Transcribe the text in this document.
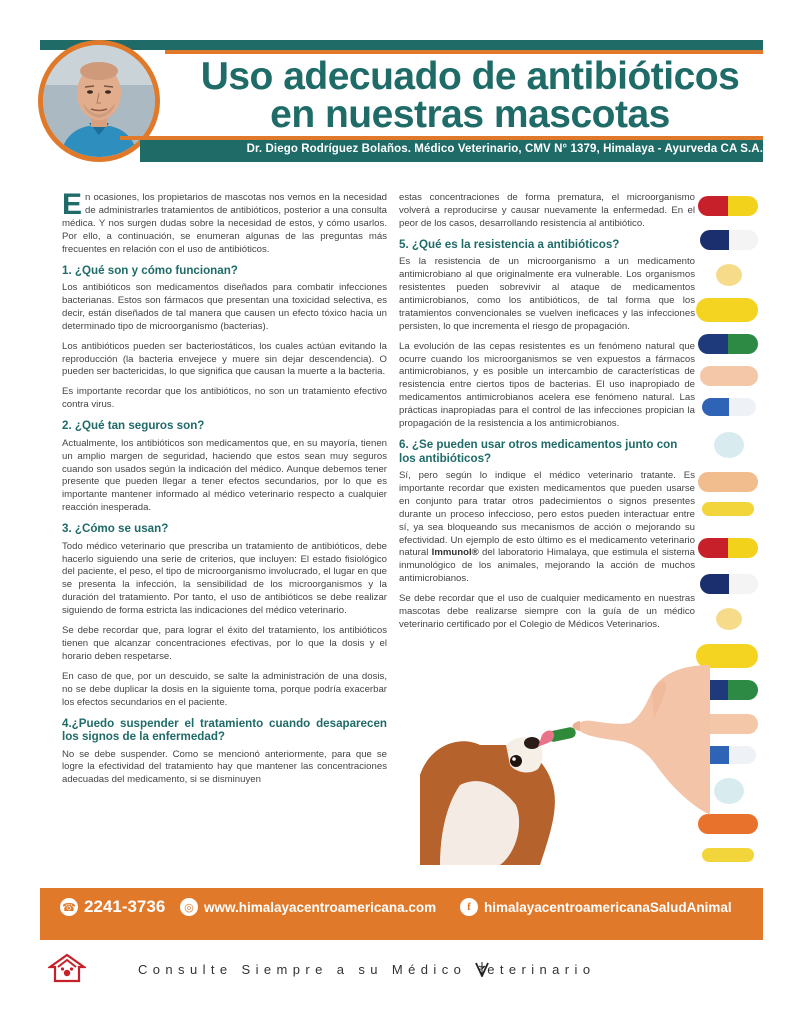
Uso adecuado de antibióticos
en nuestras mascotas
Dr. Diego Rodríguez Bolaños. Médico Veterinario, CMV N° 1379, Himalaya - Ayurveda CA S.A.

En ocasiones, los propietarios de mascotas nos vemos en la necesidad de administrarles tratamientos de antibióticos, posterior a una consulta médica. Y nos surgen dudas sobre la necesidad de estos, y cómo usarlos. Por ello, a continuación, se enumeran algunas de las preguntas más frecuentes en relación con el uso de antibióticos.

1. ¿Qué son y cómo funcionan?

Los antibióticos son medicamentos diseñados para combatir infecciones bacterianas. Estos son fármacos que presentan una toxicidad selectiva, es decir, están diseñados de tal manera que causen un efecto tóxico hacia un determinado tipo de microorganismo (bacterias).

Los antibióticos pueden ser bacteriostáticos, los cuales actúan evitando la reproducción (la bacteria envejece y muere sin dejar descendencia). O pueden ser bactericidas, lo que significa que causan la muerte a la bacteria.

Es importante recordar que los antibióticos, no son un tratamiento efectivo contra virus.

2. ¿Qué tan seguros son?

Actualmente, los antibióticos son medicamentos que, en su mayoría, tienen un amplio margen de seguridad, haciendo que estos sean muy seguros cuando son usados según la indicación del médico. Aunque debemos tener presente que pueden llegar a tener efectos secundarios, por lo que es importante mantener informado al médico veterinario respecto a cualquier reacción inesperada.

3. ¿Cómo se usan?

Todo médico veterinario que prescriba un tratamiento de antibióticos, debe hacerlo siguiendo una serie de criterios, que incluyen: El estado fisiológico del paciente, el peso, el tipo de microorganismo involucrado, el lugar en que se presenta la infección, la sensibilidad de los microorganismos y la duración del tratamiento. Por tanto, el uso de antibióticos se debe realizar siguiendo de forma estricta las indicaciones del médico veterinario.

Se debe recordar que, para lograr el éxito del tratamiento, los antibióticos tienen que alcanzar concentraciones efectivas, por lo que la dosis y el horario deben respetarse.

En caso de que, por un descuido, se salte la administración de una dosis, no se debe duplicar la dosis en la siguiente toma, porque podría exacerbar los efectos secundarios en el paciente.

4.¿Puedo suspender el tratamiento cuando desaparecen los signos de la enfermedad?

No se debe suspender. Como se mencionó anteriormente, para que se logre la efectividad del tratamiento hay que mantener las concentraciones adecuadas del medicamento, si se disminuyen

estas concentraciones de forma prematura, el microorganismo volverá a reproducirse y causar nuevamente la enfermedad. En el peor de los casos, desarrollando resistencia al antibiótico.

5. ¿Qué es la resistencia a antibióticos?

Es la resistencia de un microorganismo a un medicamento antimicrobiano al que originalmente era vulnerable. Los organismos resistentes pueden sobrevivir al ataque de medicamentos antimicrobianos, como los antibióticos, de tal forma que los tratamientos convencionales se vuelven ineficaces y las infecciones persisten, lo que incrementa el riesgo de propagación.

La evolución de las cepas resistentes es un fenómeno natural que ocurre cuando los microorganismos se ven expuestos a fármacos antimicrobianos, y es posible un intercambio de características de resistencia entre ciertos tipos de bacterias. El uso inapropiado de medicamentos antimicrobianos acelera ese fenómeno natural. Las prácticas inapropiadas para el control de las infecciones propician la propagación de la resistencia a los antimicrobianos.

6. ¿Se pueden usar otros medicamentos junto con los antibióticos?

Sí, pero según lo indique el médico veterinario tratante. Es importante recordar que existen medicamentos que pueden usarse en conjunto para tratar otros padecimientos o signos presentes durante un proceso infeccioso, pero estos pueden interactuar entre sí, ya sea bloqueando sus mecanismos de acción o mejorando su efectividad. Un ejemplo de esto último es el medicamento veterinario natural Immunol® del laboratorio Himalaya, que estimula el sistema inmunológico de los animales, mejorando la acción de muchos antimicrobianos.

Se debe recordar que el uso de cualquier medicamento en nuestras mascotas debe realizarse siempre con la guía de un médico veterinario certificado por el Colegio de Médicos Veterinarios.

☎ 2241-3736	◎ www.himalayacentroamericana.com	f himalayacentroamericanaSaludAnimal
Consulte Siempre a su Médico eterinario
